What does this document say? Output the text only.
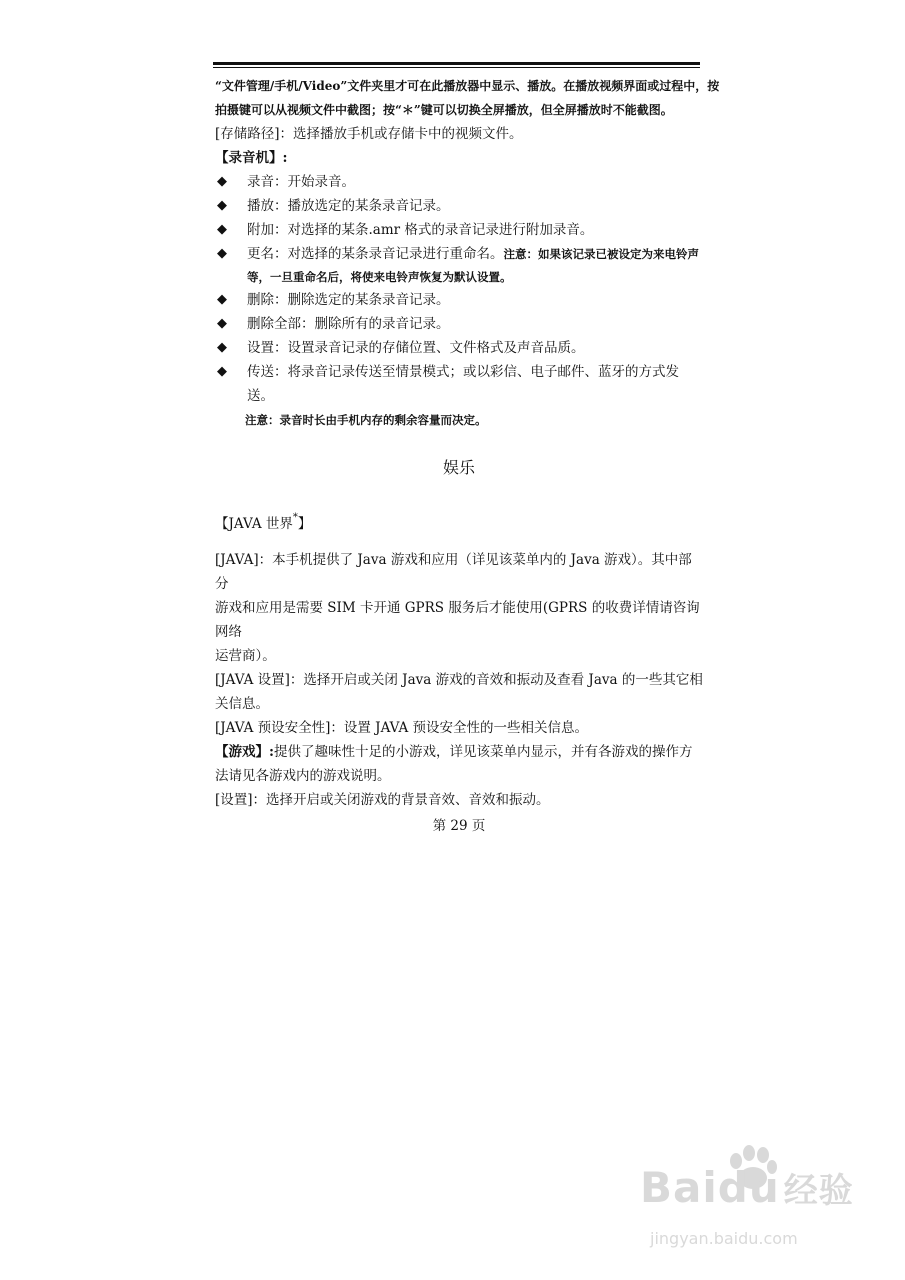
“文件管理/手机/Video”文件夹里才可在此播放器中显示、播放。在播放视频界面或过程中，按
拍摄键可以从视频文件中截图；按“＊”键可以切换全屏播放，但全屏播放时不能截图。
[存储路径]：选择播放手机或存储卡中的视频文件。
【录音机】:
◆ 录音：开始录音。
◆ 播放：播放选定的某条录音记录。
◆ 附加：对选择的某条.amr 格式的录音记录进行附加录音。
◆ 更名：对选择的某条录音记录进行重命名。注意：如果该记录已被设定为来电铃声
等，一旦重命名后，将使来电铃声恢复为默认设置。
◆ 删除：删除选定的某条录音记录。
◆ 删除全部：删除所有的录音记录。
◆ 设置：设置录音记录的存储位置、文件格式及声音品质。
◆ 传送：将录音记录传送至情景模式；或以彩信、电子邮件、蓝牙的方式发送。
注意：录音时长由手机内存的剩余容量而决定。
娱乐
【JAVA 世界*】
[JAVA]：本手机提供了 Java 游戏和应用（详见该菜单内的 Java 游戏）。其中部分
游戏和应用是需要 SIM 卡开通 GPRS 服务后才能使用(GPRS 的收费详情请咨询网络
运营商）。
[JAVA 设置]：选择开启或关闭 Java 游戏的音效和振动及查看 Java 的一些其它相
关信息。
[JAVA 预设安全性]：设置 JAVA 预设安全性的一些相关信息。
【游戏】:提供了趣味性十足的小游戏，详见该菜单内显示，并有各游戏的操作方
法请见各游戏内的游戏说明。
[设置]：选择开启或关闭游戏的背景音效、音效和振动。
第 29 页
Baidu 经验
jingyan.baidu.com
